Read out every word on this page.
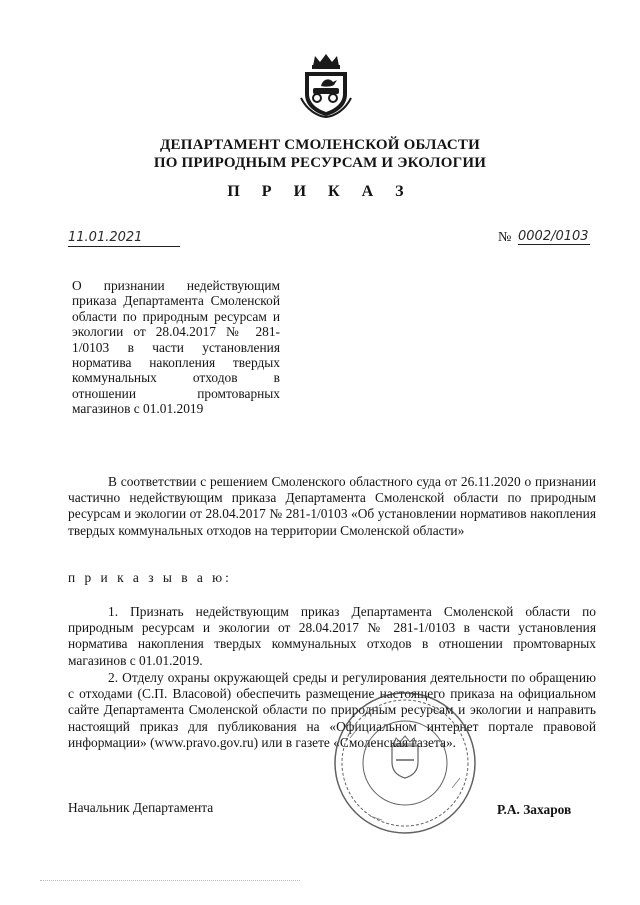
ДЕПАРТАМЕНТ СМОЛЕНСКОЙ ОБЛАСТИ
ПО ПРИРОДНЫМ РЕСУРСАМ И ЭКОЛОГИИ
П Р И К А З
11.01.2021	№ 0002/0103
О признании недействующим приказа Департамента Смоленской области по природным ресурсам и экологии от 28.04.2017 № 281-1/0103 в части установления норматива накопления твердых коммунальных отходов в отношении промтоварных магазинов с 01.01.2019
В соответствии с решением Смоленского областного суда от 26.11.2020 о признании частично недействующим приказа Департамента Смоленской области по природным ресурсам и экологии от 28.04.2017 № 281-1/0103 «Об установлении нормативов накопления твердых коммунальных отходов на территории Смоленской области»
п р и к а з ы в а ю:
1. Признать недействующим приказ Департамента Смоленской области по природным ресурсам и экологии от 28.04.2017 № 281-1/0103 в части установления норматива накопления твердых коммунальных отходов в отношении промтоварных магазинов с 01.01.2019.
2. Отделу охраны окружающей среды и регулирования деятельности по обращению с отходами (С.П. Власовой) обеспечить размещение настоящего приказа на официальном сайте Департамента Смоленской области по природным ресурсам и экологии и направить настоящий приказ для публикования на «Официальном интернет портале правовой информации» (www.pravo.gov.ru) или в газете «Смоленская газета».
Начальник Департамента	Р.А. Захаров
